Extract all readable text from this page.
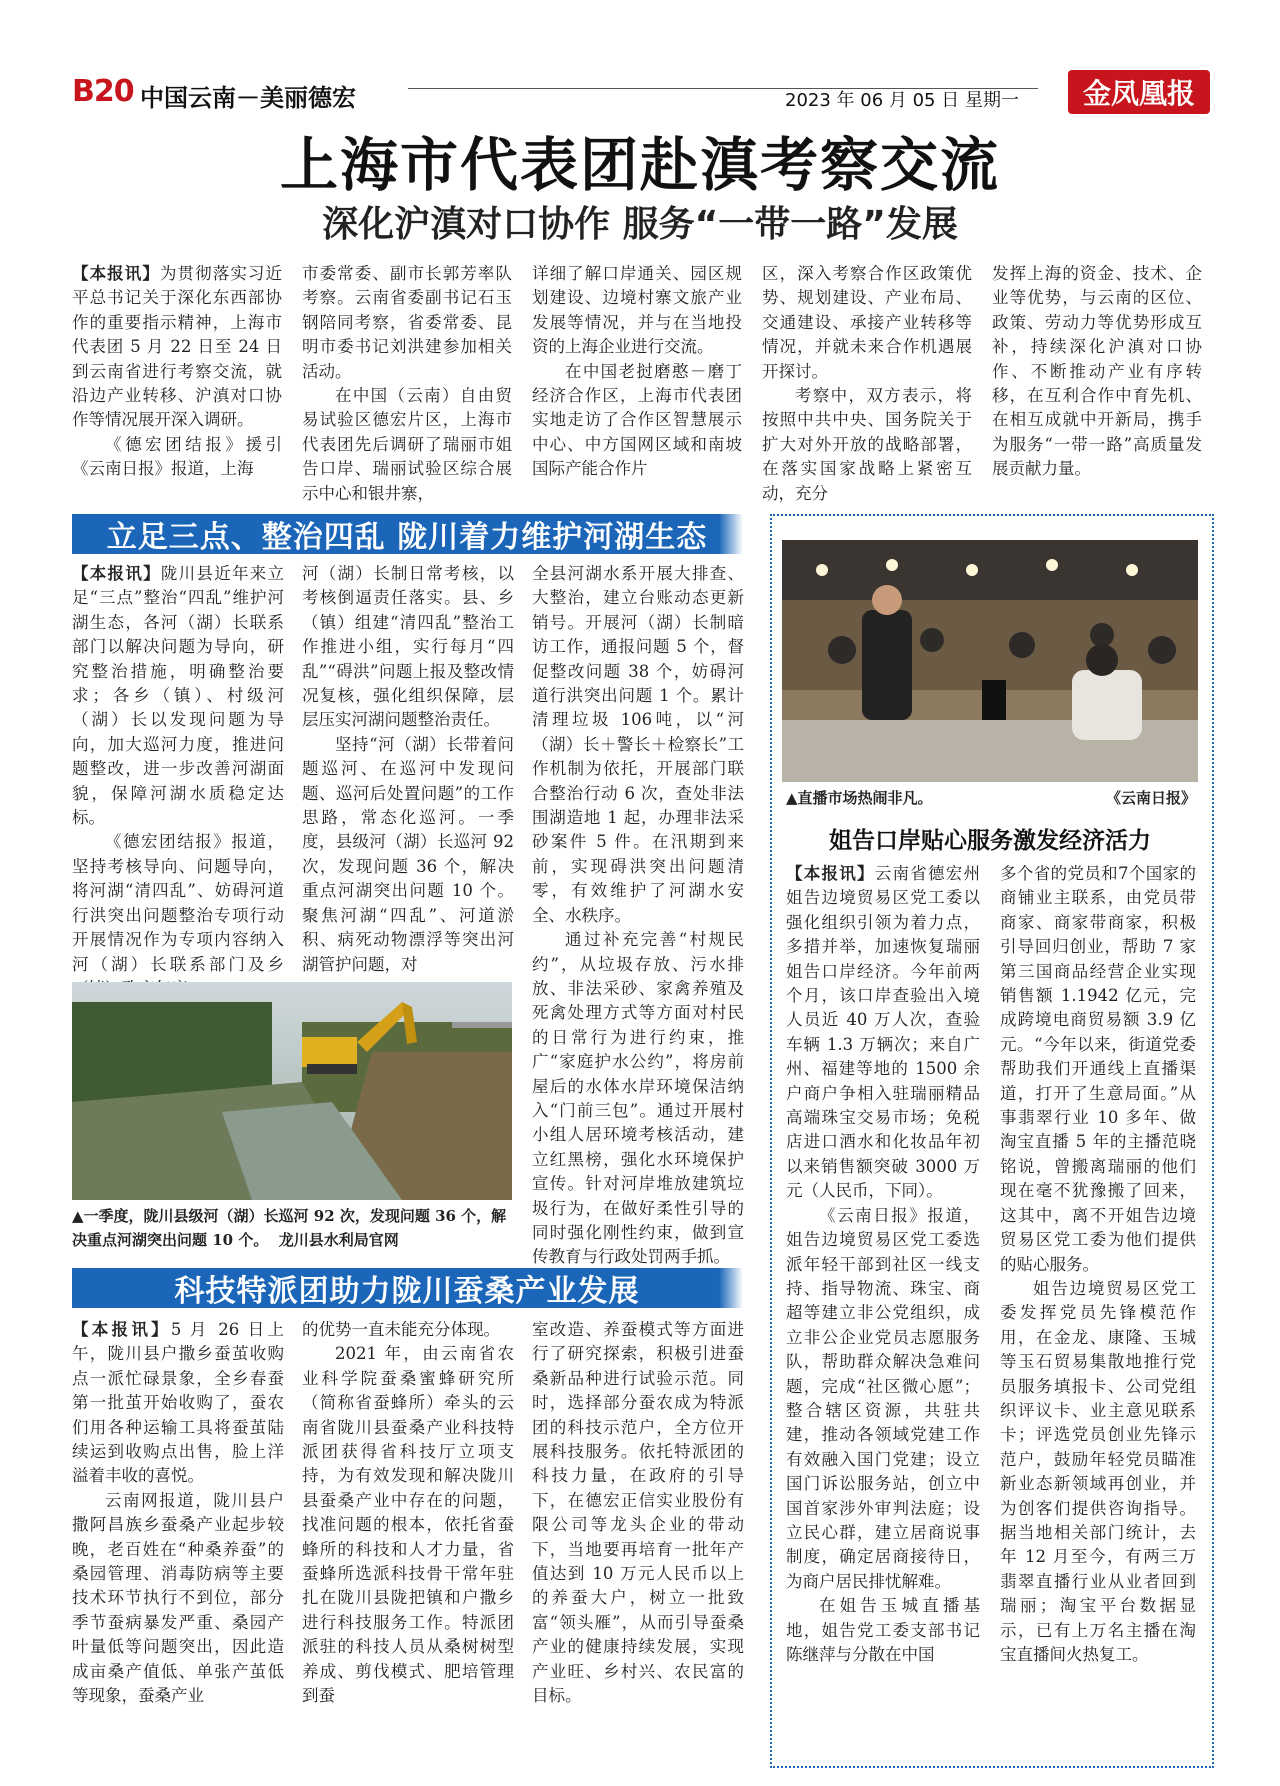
B20 中国云南－美丽德宏	2023 年 06 月 05 日 星期一	金凤凰报
上海市代表团赴滇考察交流
深化沪滇对口协作 服务“一带一路”发展

【本报讯】为贯彻落实习近平总书记关于深化东西部协作的重要指示精神，上海市代表团 5 月 22 日至 24 日到云南省进行考察交流，就沿边产业转移、沪滇对口协作等情况展开深入调研。

《德宏团结报》援引《云南日报》报道，上海

市委常委、副市长郭芳率队考察。云南省委副书记石玉钢陪同考察，省委常委、昆明市委书记刘洪建参加相关活动。

在中国（云南）自由贸易试验区德宏片区，上海市代表团先后调研了瑞丽市姐告口岸、瑞丽试验区综合展示中心和银井寨，

详细了解口岸通关、园区规划建设、边境村寨文旅产业发展等情况，并与在当地投资的上海企业进行交流。

在中国老挝磨憨－磨丁经济合作区，上海市代表团实地走访了合作区智慧展示中心、中方国网区域和南坡国际产能合作片

区，深入考察合作区政策优势、规划建设、产业布局、交通建设、承接产业转移等情况，并就未来合作机遇展开探讨。

考察中，双方表示，将按照中共中央、国务院关于扩大对外开放的战略部署，在落实国家战略上紧密互动，充分

发挥上海的资金、技术、企业等优势，与云南的区位、政策、劳动力等优势形成互补，持续深化沪滇对口协作、不断推动产业有序转移，在互利合作中育先机、在相互成就中开新局，携手为服务“一带一路”高质量发展贡献力量。

立足三点、整治四乱 陇川着力维护河湖生态

【本报讯】陇川县近年来立足“三点”整治“四乱”维护河湖生态，各河（湖）长联系部门以解决问题为导向，研究整治措施，明确整治要求；各乡（镇）、村级河（湖）长以发现问题为导向，加大巡河力度，推进问题整改，进一步改善河湖面貌，保障河湖水质稳定达标。

《德宏团结报》报道，坚持考核导向、问题导向，将河湖“清四乱”、妨碍河道行洪突出问题整治专项行动开展情况作为专项内容纳入河（湖）长联系部门及乡

河（湖）长制日常考核，以考核倒逼责任落实。县、乡（镇）组建“清四乱”整治工作推进小组，实行每月“四乱”“碍洪”问题上报及整改情况复核，强化组织保障，层层压实河湖问题整治责任。

坚持“河（湖）长带着问题巡河、在巡河中发现问题、巡河后处置问题”的工作思路，常态化巡河。一季度，县级河（湖）长巡河 92 次，发现问题 36 个，解决重点河湖突出问题 10 个。聚焦河湖“四乱”、河道淤积、病死动物漂浮等突出河湖管护问题，对

全县河湖水系开展大排查、大整治，建立台账动态更新销号。开展河（湖）长制暗访工作，通报问题 5 个，督促整改问题 38 个，妨碍河道行洪突出问题 1 个。累计清理垃圾 106吨，以“河（湖）长＋警长＋检察长”工作机制为依托，开展部门联合整治行动 6 次，查处非法围湖造地 1 起，办理非法采砂案件 5 件。在汛期到来前，实现碍洪突出问题清零，有效维护了河湖水安全、水秩序。

通过补充完善“村规民约”，从垃圾存放、污水排放、非法采砂、家禽养殖及死禽处理方式等方面对村民的日常行为进行约束，推广“家庭护水公约”，将房前屋后的水体水岸环境保洁纳入“门前三包”。通过开展村小组人居环境考核活动，建立红黑榜，强化水环境保护宣传。针对河岸堆放建筑垃圾行为，在做好柔性引导的同时强化刚性约束，做到宣传教育与行政处罚两手抓。

▲一季度，陇川县级河（湖）长巡河 92 次，发现问题 36 个，解决重点河湖突出问题 10 个。 龙川县水利局官网
科技特派团助力陇川蚕桑产业发展

【本报讯】5 月 26 日上午，陇川县户撒乡蚕茧收购点一派忙碌景象，全乡春蚕第一批茧开始收购了，蚕农们用各种运输工具将蚕茧陆续运到收购点出售，脸上洋溢着丰收的喜悦。

云南网报道，陇川县户撒阿昌族乡蚕桑产业起步较晚，老百姓在“种桑养蚕”的桑园管理、消毒防病等主要技术环节执行不到位，部分季节蚕病暴发严重、桑园产叶量低等问题突出，因此造成亩桑产值低、单张产茧低等现象，蚕桑产业

的优势一直未能充分体现。

2021 年，由云南省农业科学院蚕桑蜜蜂研究所（简称省蚕蜂所）牵头的云南省陇川县蚕桑产业科技特派团获得省科技厅立项支持，为有效发现和解决陇川县蚕桑产业中存在的问题，找准问题的根本，依托省蚕蜂所的科技和人才力量，省蚕蜂所选派科技骨干常年驻扎在陇川县陇把镇和户撒乡进行科技服务工作。特派团派驻的科技人员从桑树树型养成、剪伐模式、肥培管理到蚕

室改造、养蚕模式等方面进行了研究探索，积极引进蚕桑新品种进行试验示范。同时，选择部分蚕农成为特派团的科技示范户，全方位开展科技服务。依托特派团的科技力量，在政府的引导下，在德宏正信实业股份有限公司等龙头企业的带动下，当地要再培育一批年产值达到 10 万元人民币以上的养蚕大户，树立一批致富“领头雁”，从而引导蚕桑产业的健康持续发展，实现产业旺、乡村兴、农民富的目标。

▲直播市场热闹非凡。	《云南日报》
姐告口岸贴心服务激发经济活力

【本报讯】云南省德宏州姐告边境贸易区党工委以强化组织引领为着力点，多措并举，加速恢复瑞丽姐告口岸经济。今年前两个月，该口岸查验出入境人员近 40 万人次，查验车辆 1.3 万辆次；来自广州、福建等地的 1500 余户商户争相入驻瑞丽精品高端珠宝交易市场；免税店进口酒水和化妆品年初以来销售额突破 3000 万元（人民币，下同）。

《云南日报》报道，姐告边境贸易区党工委选派年轻干部到社区一线支持、指导物流、珠宝、商超等建立非公党组织，成立非公企业党员志愿服务队，帮助群众解决急难问题，完成“社区微心愿”；整合辖区资源，共驻共建，推动各领域党建工作有效融入国门党建；设立国门诉讼服务站，创立中国首家涉外审判法庭；设立民心群，建立居商说事制度，确定居商接待日，为商户居民排忧解难。

在姐告玉城直播基地，姐告党工委支部书记陈继萍与分散在中国

多个省的党员和7个国家的商铺业主联系，由党员带商家、商家带商家，积极引导回归创业，帮助 7 家第三国商品经营企业实现销售额 1.1942 亿元，完成跨境电商贸易额 3.9 亿元。“今年以来，街道党委帮助我们开通线上直播渠道，打开了生意局面。”从事翡翠行业 10 多年、做淘宝直播 5 年的主播范晓铭说，曾搬离瑞丽的他们现在毫不犹豫搬了回来，这其中，离不开姐告边境贸易区党工委为他们提供的贴心服务。

姐告边境贸易区党工委发挥党员先锋模范作用，在金龙、康隆、玉城等玉石贸易集散地推行党员服务填报卡、公司党组织评议卡、业主意见联系卡；评选党员创业先锋示范户，鼓励年轻党员瞄准新业态新领域再创业，并为创客们提供咨询指导。据当地相关部门统计，去年 12 月至今，有两三万翡翠直播行业从业者回到瑞丽；淘宝平台数据显示，已有上万名主播在淘宝直播间火热复工。
